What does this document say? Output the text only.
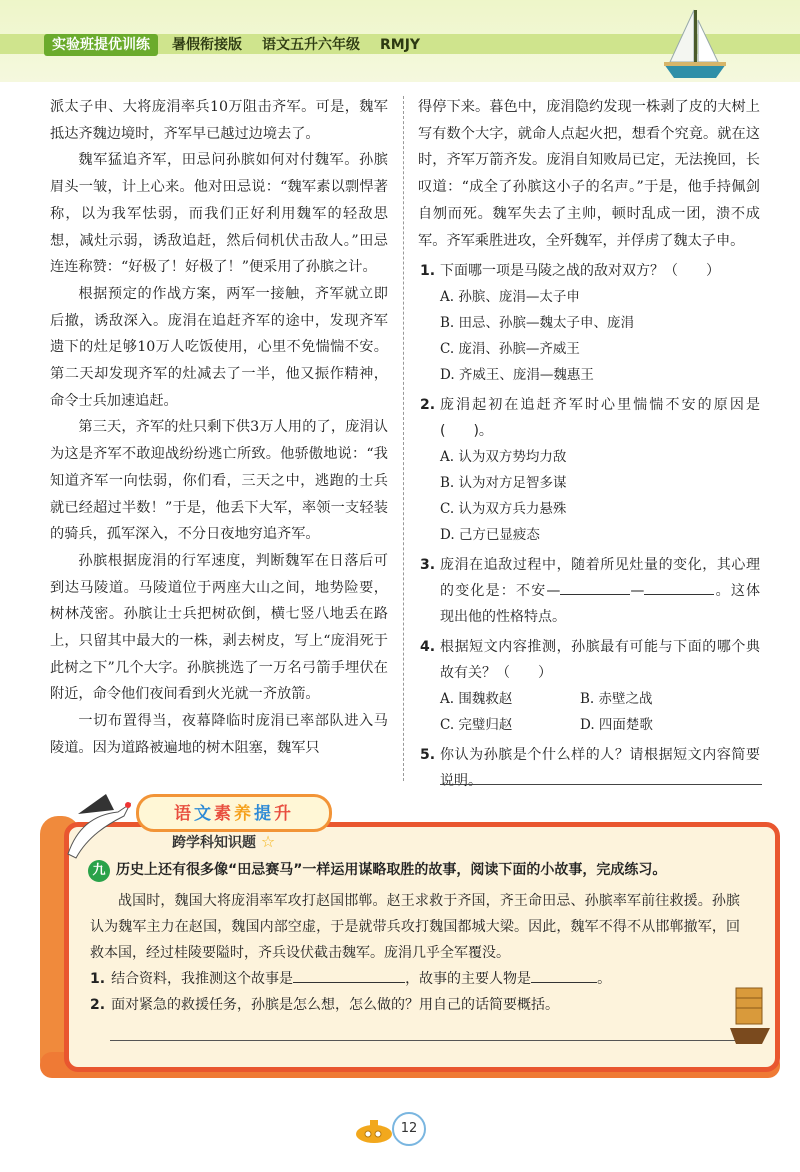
实验班提优训练	暑假衔接版 语文五升六年级 RMJY

派太子申、大将庞涓率兵10万阻击齐军。可是，魏军抵达齐魏边境时，齐军早已越过边境去了。

魏军猛追齐军，田忌问孙膑如何对付魏军。孙膑眉头一皱，计上心来。他对田忌说：“魏军素以剽悍著称，以为我军怯弱，而我们正好利用魏军的轻敌思想，减灶示弱，诱敌追赶，然后伺机伏击敌人。”田忌连连称赞：“好极了！好极了！”便采用了孙膑之计。

根据预定的作战方案，两军一接触，齐军就立即后撤，诱敌深入。庞涓在追赶齐军的途中，发现齐军遗下的灶足够10万人吃饭使用，心里不免惴惴不安。第二天却发现齐军的灶减去了一半，他又振作精神，命令士兵加速追赶。

第三天，齐军的灶只剩下供3万人用的了，庞涓认为这是齐军不敢迎战纷纷逃亡所致。他骄傲地说：“我知道齐军一向怯弱，你们看，三天之中，逃跑的士兵就已经超过半数！”于是，他丢下大军，率领一支轻装的骑兵，孤军深入，不分日夜地穷追齐军。

孙膑根据庞涓的行军速度，判断魏军在日落后可到达马陵道。马陵道位于两座大山之间，地势险要，树林茂密。孙膑让士兵把树砍倒，横七竖八地丢在路上，只留其中最大的一株，剥去树皮，写上“庞涓死于此树之下”几个大字。孙膑挑选了一万名弓箭手埋伏在附近，命令他们夜间看到火光就一齐放箭。

一切布置得当，夜幕降临时庞涓已率部队进入马陵道。因为道路被遍地的树木阻塞，魏军只

得停下来。暮色中，庞涓隐约发现一株剥了皮的大树上写有数个大字，就命人点起火把，想看个究竟。就在这时，齐军万箭齐发。庞涓自知败局已定，无法挽回，长叹道：“成全了孙膑这小子的名声。”于是，他手持佩剑自刎而死。魏军失去了主帅，顿时乱成一团，溃不成军。齐军乘胜进攻，全歼魏军，并俘虏了魏太子申。

1. 下面哪一项是马陵之战的敌对双方？（　　）
A. 孙膑、庞涓—太子申
B. 田忌、孙膑—魏太子申、庞涓
C. 庞涓、孙膑—齐威王
D. 齐威王、庞涓—魏惠王
2. 庞涓起初在追赶齐军时心里惴惴不安的原因是(　　)。
A. 认为双方势均力敌
B. 认为对方足智多谋
C. 认为双方兵力悬殊
D. 己方已显疲态
3. 庞涓在追敌过程中，随着所见灶量的变化，其心理的变化是：不安—	—	。这体现出他的性格特点。
4. 根据短文内容推测，孙膑最有可能与下面的哪个典故有关？（　　）
A. 围魏救赵	B. 赤壁之战
C. 完璧归赵	D. 四面楚歌
5. 你认为孙膑是个什么样的人？请根据短文内容简要说明。
语文素养提升
跨学科知识题 ☆
九 历史上还有很多像“田忌赛马”一样运用谋略取胜的故事，阅读下面的小故事，完成练习。

战国时，魏国大将庞涓率军攻打赵国邯郸。赵王求救于齐国，齐王命田忌、孙膑率军前往救援。孙膑认为魏军主力在赵国，魏国内部空虚，于是就带兵攻打魏国都城大梁。因此，魏军不得不从邯郸撤军，回救本国，经过桂陵要隘时，齐兵设伏截击魏军。庞涓几乎全军覆没。

1. 结合资料，我推测这个故事是	，故事的主要人物是	。
2. 面对紧急的救援任务，孙膑是怎么想，怎么做的？用自己的话简要概括。
12
